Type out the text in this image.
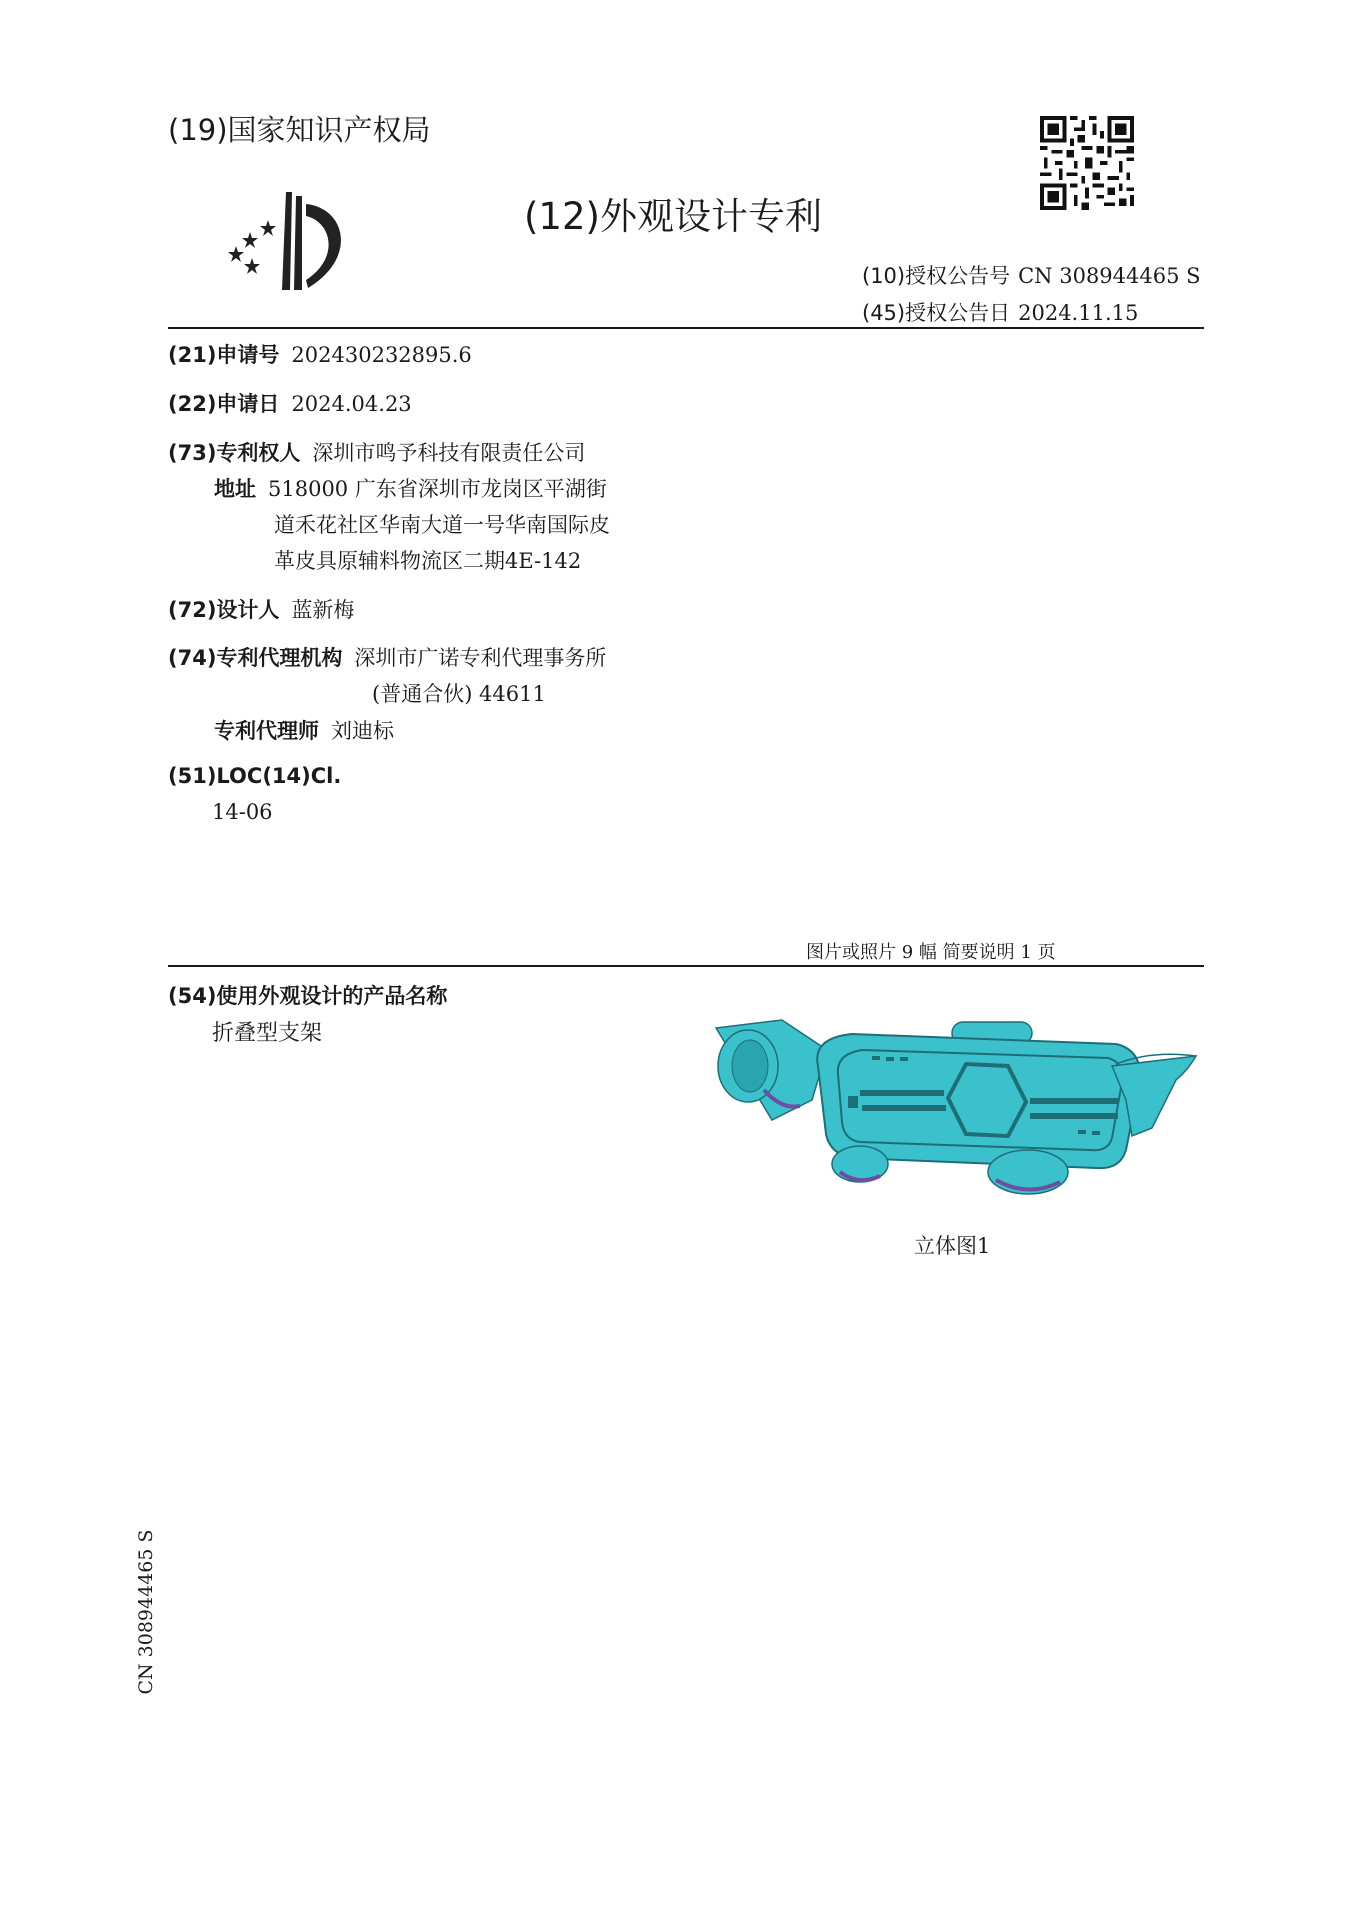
(19)国家知识产权局
(12)外观设计专利
(10)授权公告号 CN 308944465 S
(45)授权公告日 2024.11.15
(21)申请号 202430232895.6
(22)申请日 2024.04.23
(73)专利权人 深圳市鸣予科技有限责任公司
地址 518000 广东省深圳市龙岗区平湖街
道禾花社区华南大道一号华南国际皮
革皮具原辅料物流区二期4E-142
(72)设计人 蓝新梅
(74)专利代理机构 深圳市广诺专利代理事务所
(普通合伙) 44611
专利代理师 刘迪标
(51)LOC(14)Cl.
14-06
图片或照片 9 幅 简要说明 1 页
(54)使用外观设计的产品名称
折叠型支架
立体图1
CN 308944465 S
